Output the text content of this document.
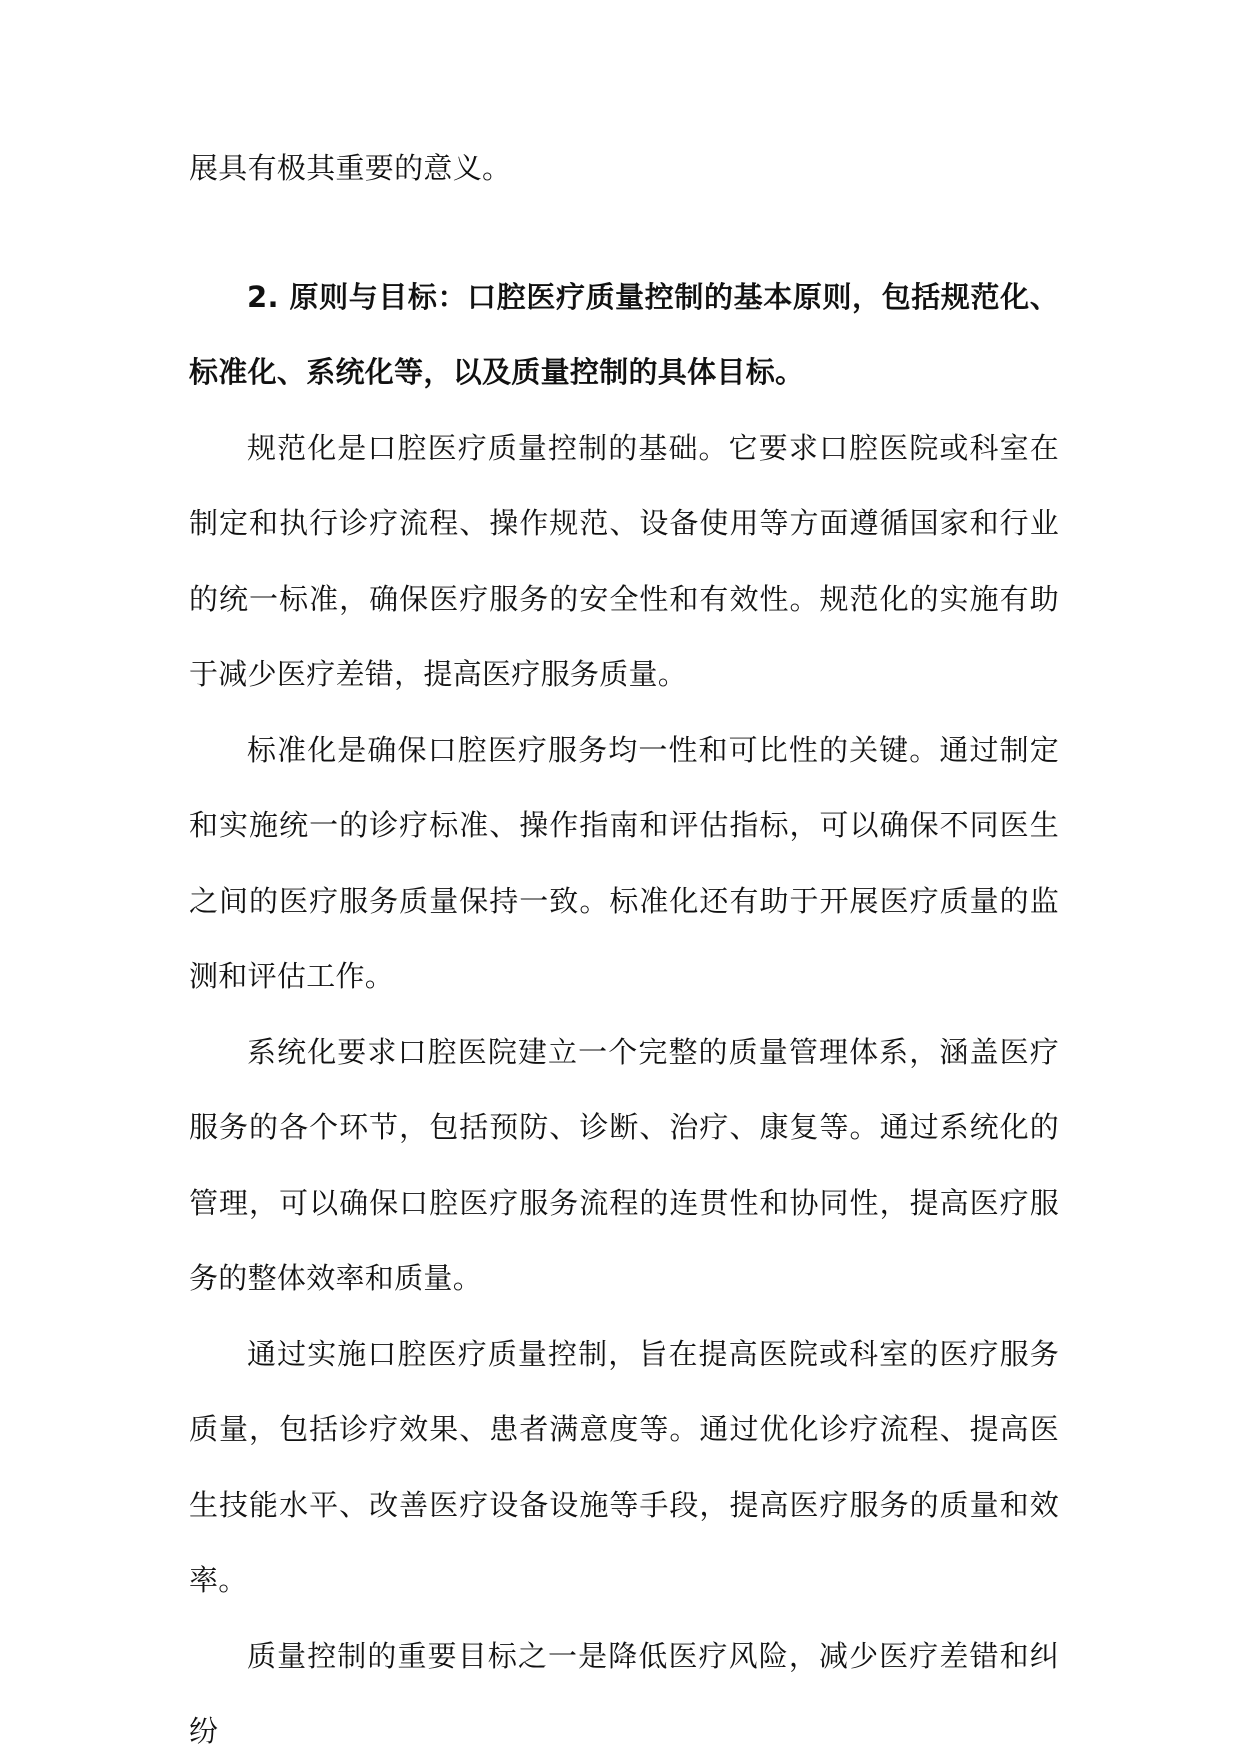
展具有极其重要的意义。

2. 原则与目标：口腔医疗质量控制的基本原则，包括规范化、标准化、系统化等，以及质量控制的具体目标。

规范化是口腔医疗质量控制的基础。它要求口腔医院或科室在制定和执行诊疗流程、操作规范、设备使用等方面遵循国家和行业的统一标准，确保医疗服务的安全性和有效性。规范化的实施有助于减少医疗差错，提高医疗服务质量。

标准化是确保口腔医疗服务均一性和可比性的关键。通过制定和实施统一的诊疗标准、操作指南和评估指标，可以确保不同医生之间的医疗服务质量保持一致。标准化还有助于开展医疗质量的监测和评估工作。

系统化要求口腔医院建立一个完整的质量管理体系，涵盖医疗服务的各个环节，包括预防、诊断、治疗、康复等。通过系统化的管理，可以确保口腔医疗服务流程的连贯性和协同性，提高医疗服务的整体效率和质量。

通过实施口腔医疗质量控制，旨在提高医院或科室的医疗服务质量，包括诊疗效果、患者满意度等。通过优化诊疗流程、提高医生技能水平、改善医疗设备设施等手段，提高医疗服务的质量和效率。

质量控制的重要目标之一是降低医疗风险，减少医疗差错和纠纷
